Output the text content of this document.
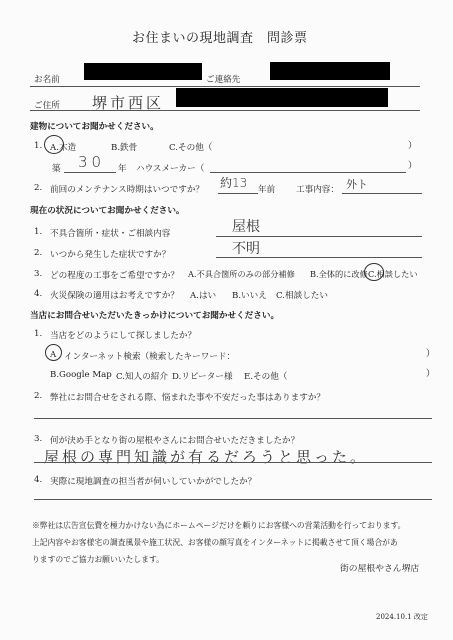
お住まいの現地調査　問診票
お名前	ご連絡先
ご住所 堺市西区
建物についてお聞かせください。
1. A.木造	B.鉄骨	C.その他（	）
築 30 年 ハウスメーカー（	）
2. 前回のメンテナンス時期はいつですか？ 約13 年前 工事内容： 外ト
現在の状況についてお聞かせください。
1. 不具合箇所・症状・ご相談内容	屋根
2. いつから発生した症状ですか？	不明
3. どの程度の工事をご希望ですか？ A.不具合箇所のみの部分補修 B.全体的に改修 C.相談したい
4. 火災保険の適用はお考えですか？ A.はい B.いいえ C.相談したい
当店にお問合せいただいたきっかけについてお聞かせください。
1. 当店をどのようにして探しましたか？
A インターネット検索（検索したキーワード：	）
B.Google Map C.知人の紹介 D.リピーター様 E.その他（	）
2. 弊社にお問合せをされる際、悩まれた事や不安だった事はありますか？
3. 何が決め手となり街の屋根やさんにお問合せいただきましたか？
屋根の専門知識が有るだろうと思った。
4. 実際に現地調査の担当者が伺いしていかがでしたか？
※弊社は広告宣伝費を極力かけない為にホームページだけを頼りにお客様への営業活動を行っております。
上記内容やお客様宅の調査風景や施工状況、お客様の顔写真をインターネットに掲載させて頂く場合があ
りますのでご協力お願いいたします。
街の屋根やさん堺店
2024.10.1 改定
